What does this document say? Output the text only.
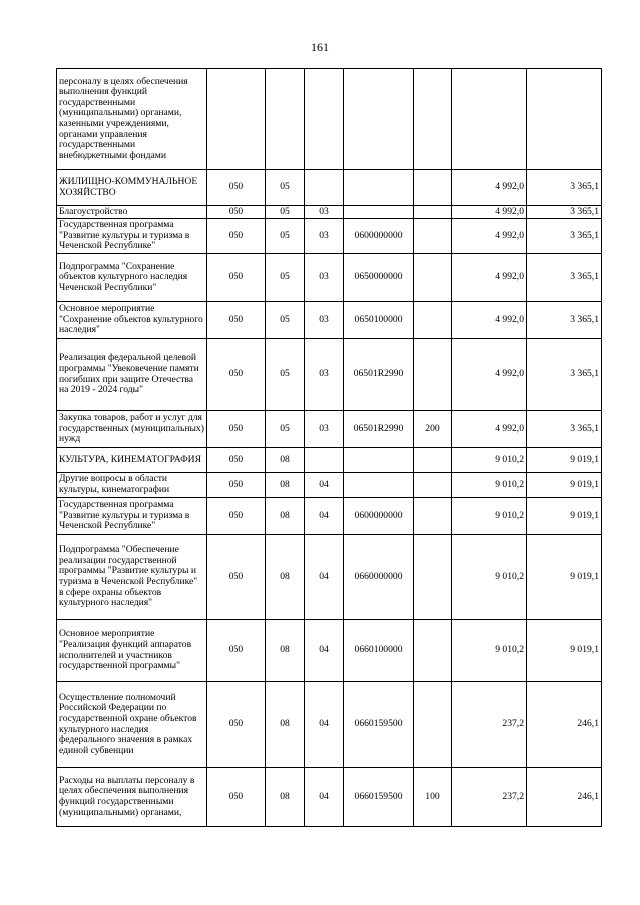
161
персоналу в целях обеспечения выполнения функций государственными (муниципальными) органами, казенными учреждениями, органами управления государственными внебюджетными фондами							
ЖИЛИЩНО-КОММУНАЛЬНОЕ ХОЗЯЙСТВО	050	05				4 992,0	3 365,1
Благоустройство	050	05	03			4 992,0	3 365,1
Государственная программа "Развитие культуры и туризма в Чеченской Республике"	050	05	03	0600000000		4 992,0	3 365,1
Подпрограмма "Сохранение объектов культурного наследия Чеченской Республики"	050	05	03	0650000000		4 992,0	3 365,1
Основное мероприятие "Сохранение объектов культурного наследия"	050	05	03	0650100000		4 992,0	3 365,1
Реализация федеральной целевой программы "Увековечение памяти погибших при защите Отечества на 2019 - 2024 годы"	050	05	03	06501R2990		4 992,0	3 365,1
Закупка товаров, работ и услуг для государственных (муниципальных) нужд	050	05	03	06501R2990	200	4 992,0	3 365,1
КУЛЬТУРА, КИНЕМАТОГРАФИЯ	050	08				9 010,2	9 019,1
Другие вопросы в области культуры, кинематографии	050	08	04			9 010,2	9 019,1
Государственная программа "Развитие культуры и туризма в Чеченской Республике"	050	08	04	0600000000		9 010,2	9 019,1
Подпрограмма "Обеспечение реализации государственной программы "Развитие культуры и туризма в Чеченской Республике" в сфере охраны объектов культурного наследия"	050	08	04	0660000000		9 010,2	9 019,1
Основное мероприятие "Реализация функций аппаратов исполнителей и участников государственной программы"	050	08	04	0660100000		9 010,2	9 019,1
Осуществление полномочий Российской Федерации по государственной охране объектов культурного наследия федерального значения в рамках единой субвенции	050	08	04	0660159500		237,2	246,1
Расходы на выплаты персоналу в целях обеспечения выполнения функций государственными (муниципальными) органами,	050	08	04	0660159500	100	237,2	246,1
